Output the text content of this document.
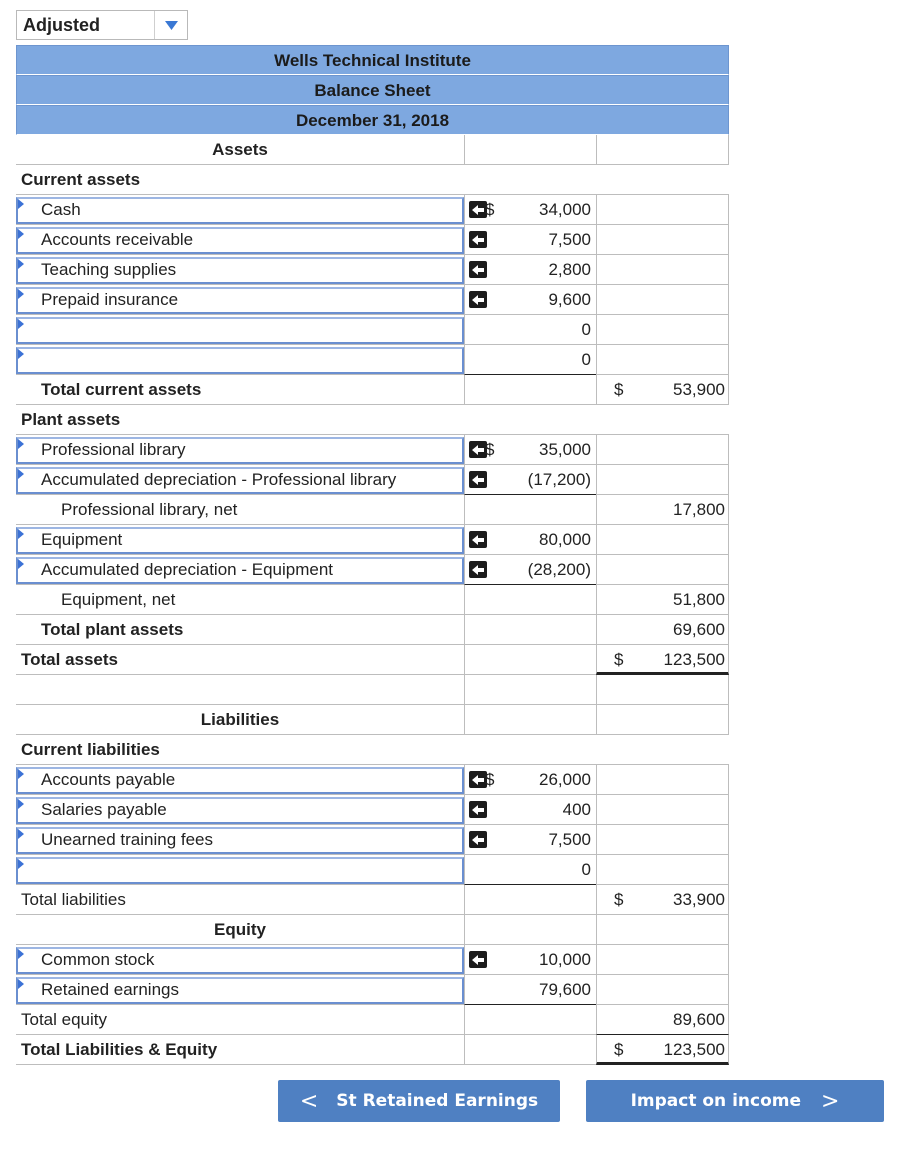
Adjusted
Wells Technical Institute
Balance Sheet
December 31, 2018
Assets
Current assets
Cash	$	34,000
Accounts receivable	7,500
Teaching supplies	2,800
Prepaid insurance	9,600
0
0
Total current assets	$	53,900
Plant assets
Professional library	$	35,000
Accumulated depreciation - Professional library	(17,200)
Professional library, net	17,800
Equipment	80,000
Accumulated depreciation - Equipment	(28,200)
Equipment, net	51,800
Total plant assets	69,600
Total assets	$ 123,500
Liabilities
Current liabilities
Accounts payable	$	26,000
Salaries payable	400
Unearned training fees	7,500
0
Total liabilities	$	33,900
Equity
Common stock	10,000
Retained earnings	79,600
Total equity	89,600
Total Liabilities & Equity	$ 123,500
< St Retained Earnings	Impact on income >
